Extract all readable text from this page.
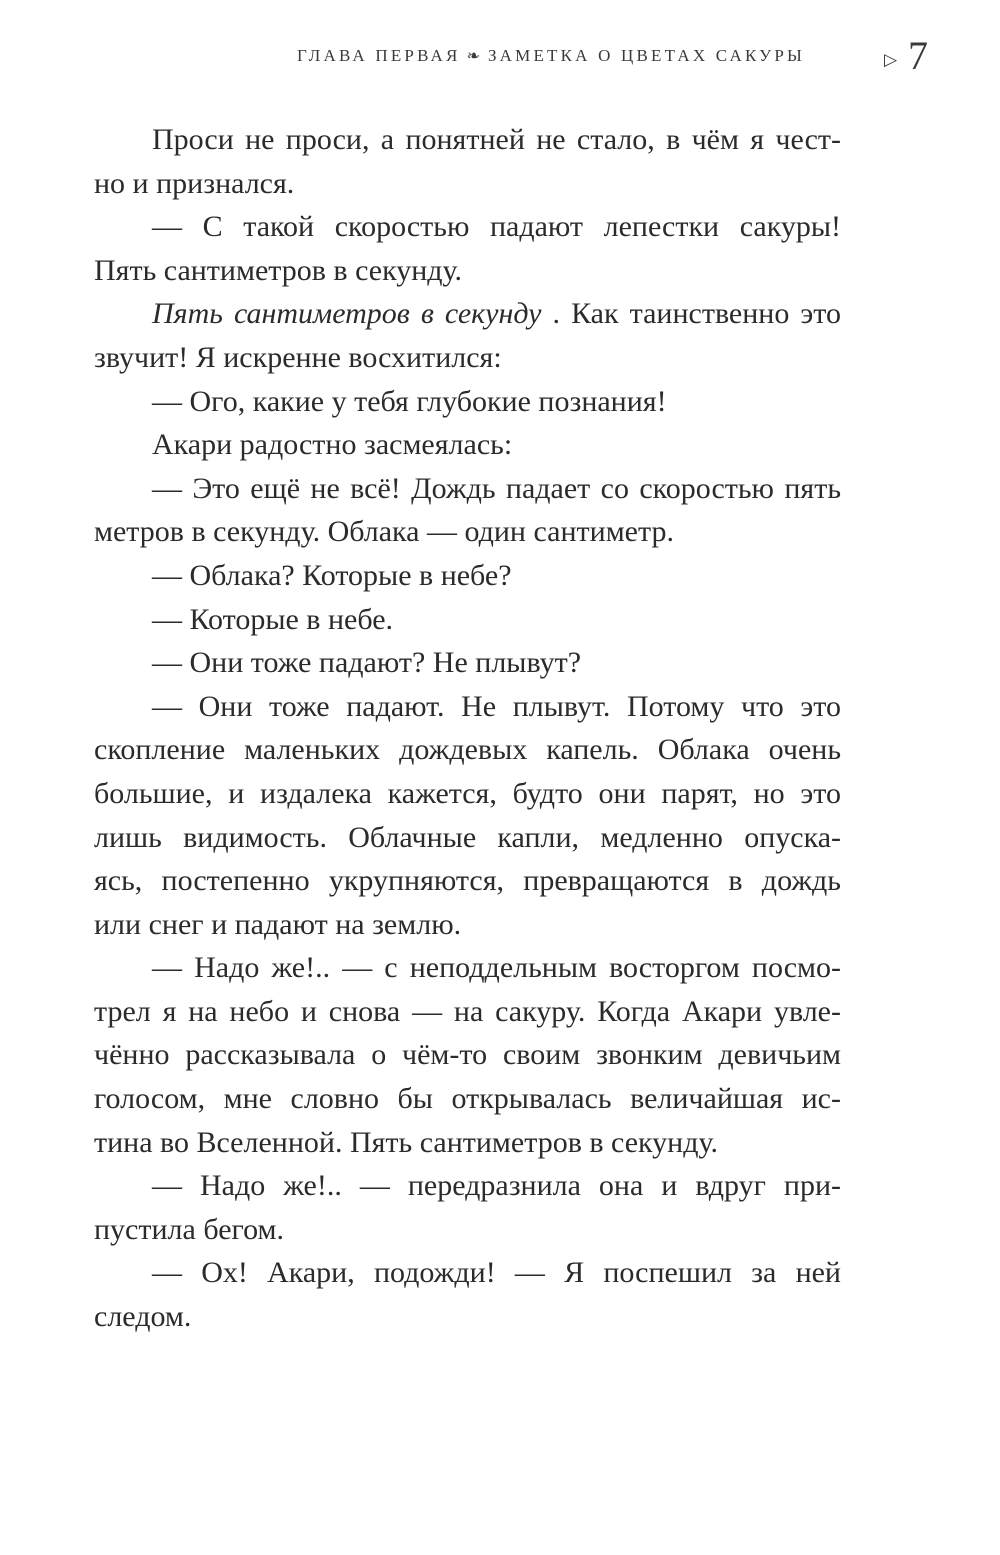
ГЛАВА ПЕРВАЯ ❧ ЗАМЕТКА О ЦВЕТАХ САКУРЫ	▷ 7
Проси не проси, а понятней не стало, в чём я чест-
но и признался.
— С такой скоростью падают лепестки сакуры!
Пять сантиметров в секунду.
Пять сантиметров в секунду . Как таинственно это
звучит! Я искренне восхитился:
— Ого, какие у тебя глубокие познания!
Акари радостно засмеялась:
— Это ещё не всё! Дождь падает со скоростью пять
метров в секунду. Облака — один сантиметр.
— Облака? Которые в небе?
— Которые в небе.
— Они тоже падают? Не плывут?
— Они тоже падают. Не плывут. Потому что это
скопление маленьких дождевых капель. Облака очень
большие, и издалека кажется, будто они парят, но это
лишь видимость. Облачные капли, медленно опуска-
ясь, постепенно укрупняются, превращаются в дождь
или снег и падают на землю.
— Надо же!.. — с неподдельным восторгом посмо-
трел я на небо и снова — на сакуру. Когда Акари увле-
чённо рассказывала о чём-то своим звонким девичьим
голосом, мне словно бы открывалась величайшая ис-
тина во Вселенной. Пять сантиметров в секунду.
— Надо же!.. — передразнила она и вдруг при-
пустила бегом.
— Ох! Акари, подожди! — Я поспешил за ней
следом.
